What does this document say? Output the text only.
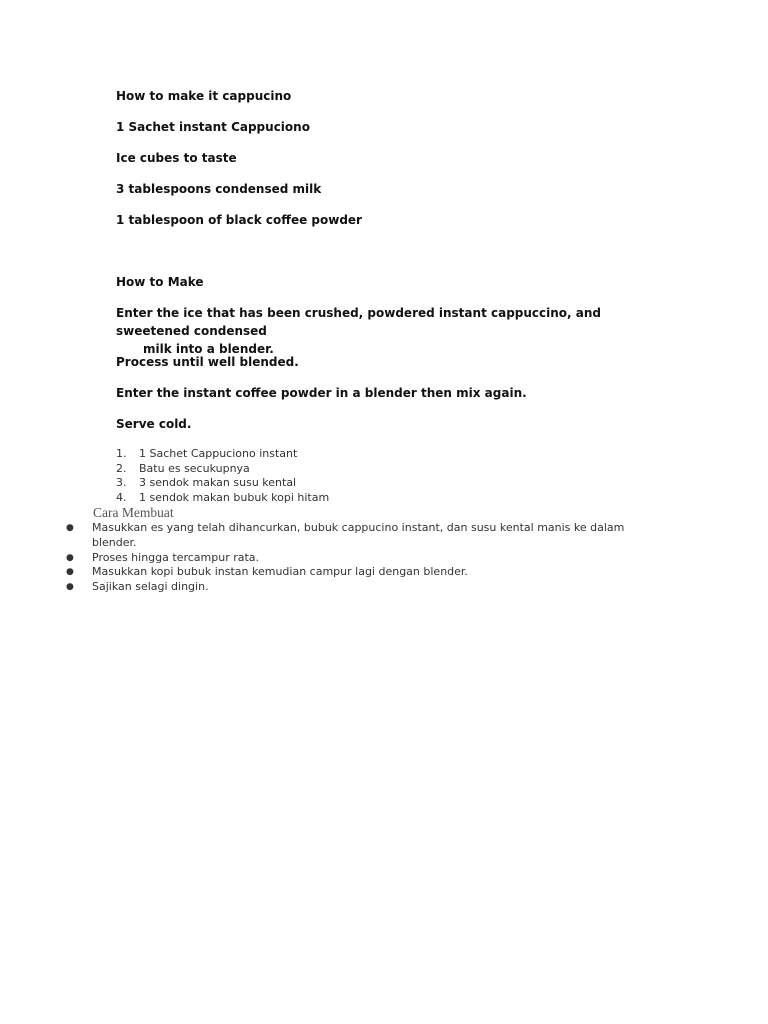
How to make it cappucino
1 Sachet instant Cappuciono
Ice cubes to taste
3 tablespoons condensed milk
1 tablespoon of black coffee powder
How to Make
Enter the ice that has been crushed, powdered instant cappuccino, and sweetened condensed
milk into a blender.
Process until well blended.
Enter the instant coffee powder in a blender then mix again.
Serve cold.
1. 1 Sachet Cappuciono instant
2. Batu es secukupnya
3. 3 sendok makan susu kental
4. 1 sendok makan bubuk kopi hitam
Cara Membuat
● Masukkan es yang telah dihancurkan, bubuk cappucino instant, dan susu kental manis ke dalam blender.
● Proses hingga tercampur rata.
● Masukkan kopi bubuk instan kemudian campur lagi dengan blender.
● Sajikan selagi dingin.
